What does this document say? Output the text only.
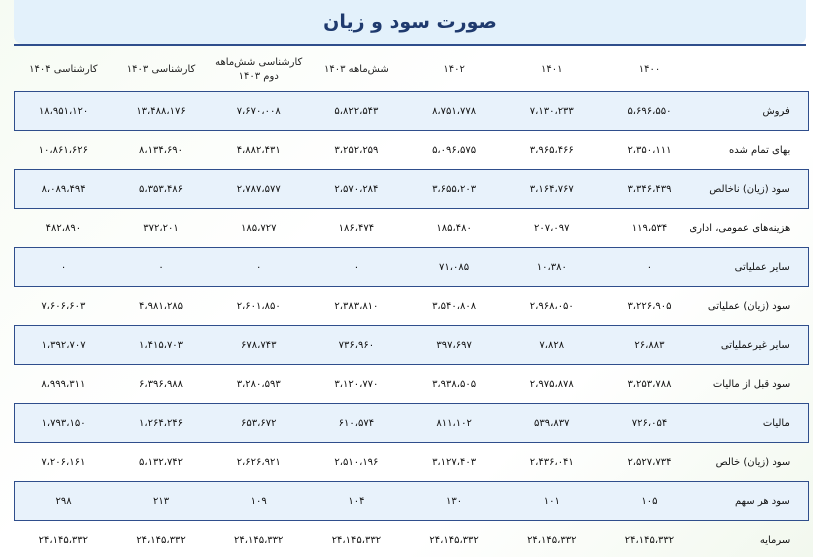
صورت سود و زیان
	۱۴۰۰	۱۴۰۱	۱۴۰۲	شش‌ماهه ۱۴۰۳	کارشناسی شش‌ماهه دوم ۱۴۰۳	کارشناسی ۱۴۰۳	کارشناسی ۱۴۰۴
فروش	۵،۶۹۶،۵۵۰	۷،۱۳۰،۲۳۳	۸،۷۵۱،۷۷۸	۵،۸۲۲،۵۴۳	۷،۶۷۰،۰۰۸	۱۳،۴۸۸،۱۷۶	۱۸،۹۵۱،۱۲۰
بهای تمام شده	۲،۳۵۰،۱۱۱	۳،۹۶۵،۴۶۶	۵،۰۹۶،۵۷۵	۳،۲۵۲،۲۵۹	۴،۸۸۲،۴۳۱	۸،۱۳۴،۶۹۰	۱۰،۸۶۱،۶۲۶
سود (زیان) ناخالص	۳،۳۴۶،۴۳۹	۳،۱۶۴،۷۶۷	۳،۶۵۵،۲۰۳	۲،۵۷۰،۲۸۴	۲،۷۸۷،۵۷۷	۵،۳۵۳،۴۸۶	۸،۰۸۹،۴۹۴
هزینه‌های عمومی، اداری	۱۱۹،۵۳۴	۲۰۷،۰۹۷	۱۸۵،۴۸۰	۱۸۶،۴۷۴	۱۸۵،۷۲۷	۳۷۲،۲۰۱	۴۸۲،۸۹۰
سایر عملیاتی	۰	۱۰،۳۸۰	۷۱،۰۸۵	۰	۰	۰	۰
سود (زیان) عملیاتی	۳،۲۲۶،۹۰۵	۲،۹۶۸،۰۵۰	۳،۵۴۰،۸۰۸	۲،۳۸۳،۸۱۰	۲،۶۰۱،۸۵۰	۴،۹۸۱،۲۸۵	۷،۶۰۶،۶۰۳
سایر غیرعملیاتی	۲۶،۸۸۳	۷،۸۲۸	۳۹۷،۶۹۷	۷۳۶،۹۶۰	۶۷۸،۷۴۳	۱،۴۱۵،۷۰۳	۱،۳۹۲،۷۰۷
سود قبل از مالیات	۳،۲۵۳،۷۸۸	۲،۹۷۵،۸۷۸	۳،۹۳۸،۵۰۵	۳،۱۲۰،۷۷۰	۳،۲۸۰،۵۹۳	۶،۳۹۶،۹۸۸	۸،۹۹۹،۳۱۱
مالیات	۷۲۶،۰۵۴	۵۳۹،۸۳۷	۸۱۱،۱۰۲	۶۱۰،۵۷۴	۶۵۳،۶۷۲	۱،۲۶۴،۲۴۶	۱،۷۹۳،۱۵۰
سود (زیان) خالص	۲،۵۲۷،۷۳۴	۲،۴۳۶،۰۴۱	۳،۱۲۷،۴۰۳	۲،۵۱۰،۱۹۶	۲،۶۲۶،۹۲۱	۵،۱۳۲،۷۴۲	۷،۲۰۶،۱۶۱
سود هر سهم	۱۰۵	۱۰۱	۱۳۰	۱۰۴	۱۰۹	۲۱۳	۲۹۸
سرمایه	۲۴،۱۴۵،۳۳۲	۲۴،۱۴۵،۳۳۲	۲۴،۱۴۵،۳۳۲	۲۴،۱۴۵،۳۳۲	۲۴،۱۴۵،۳۳۲	۲۴،۱۴۵،۳۳۲	۲۴،۱۴۵،۳۳۲
